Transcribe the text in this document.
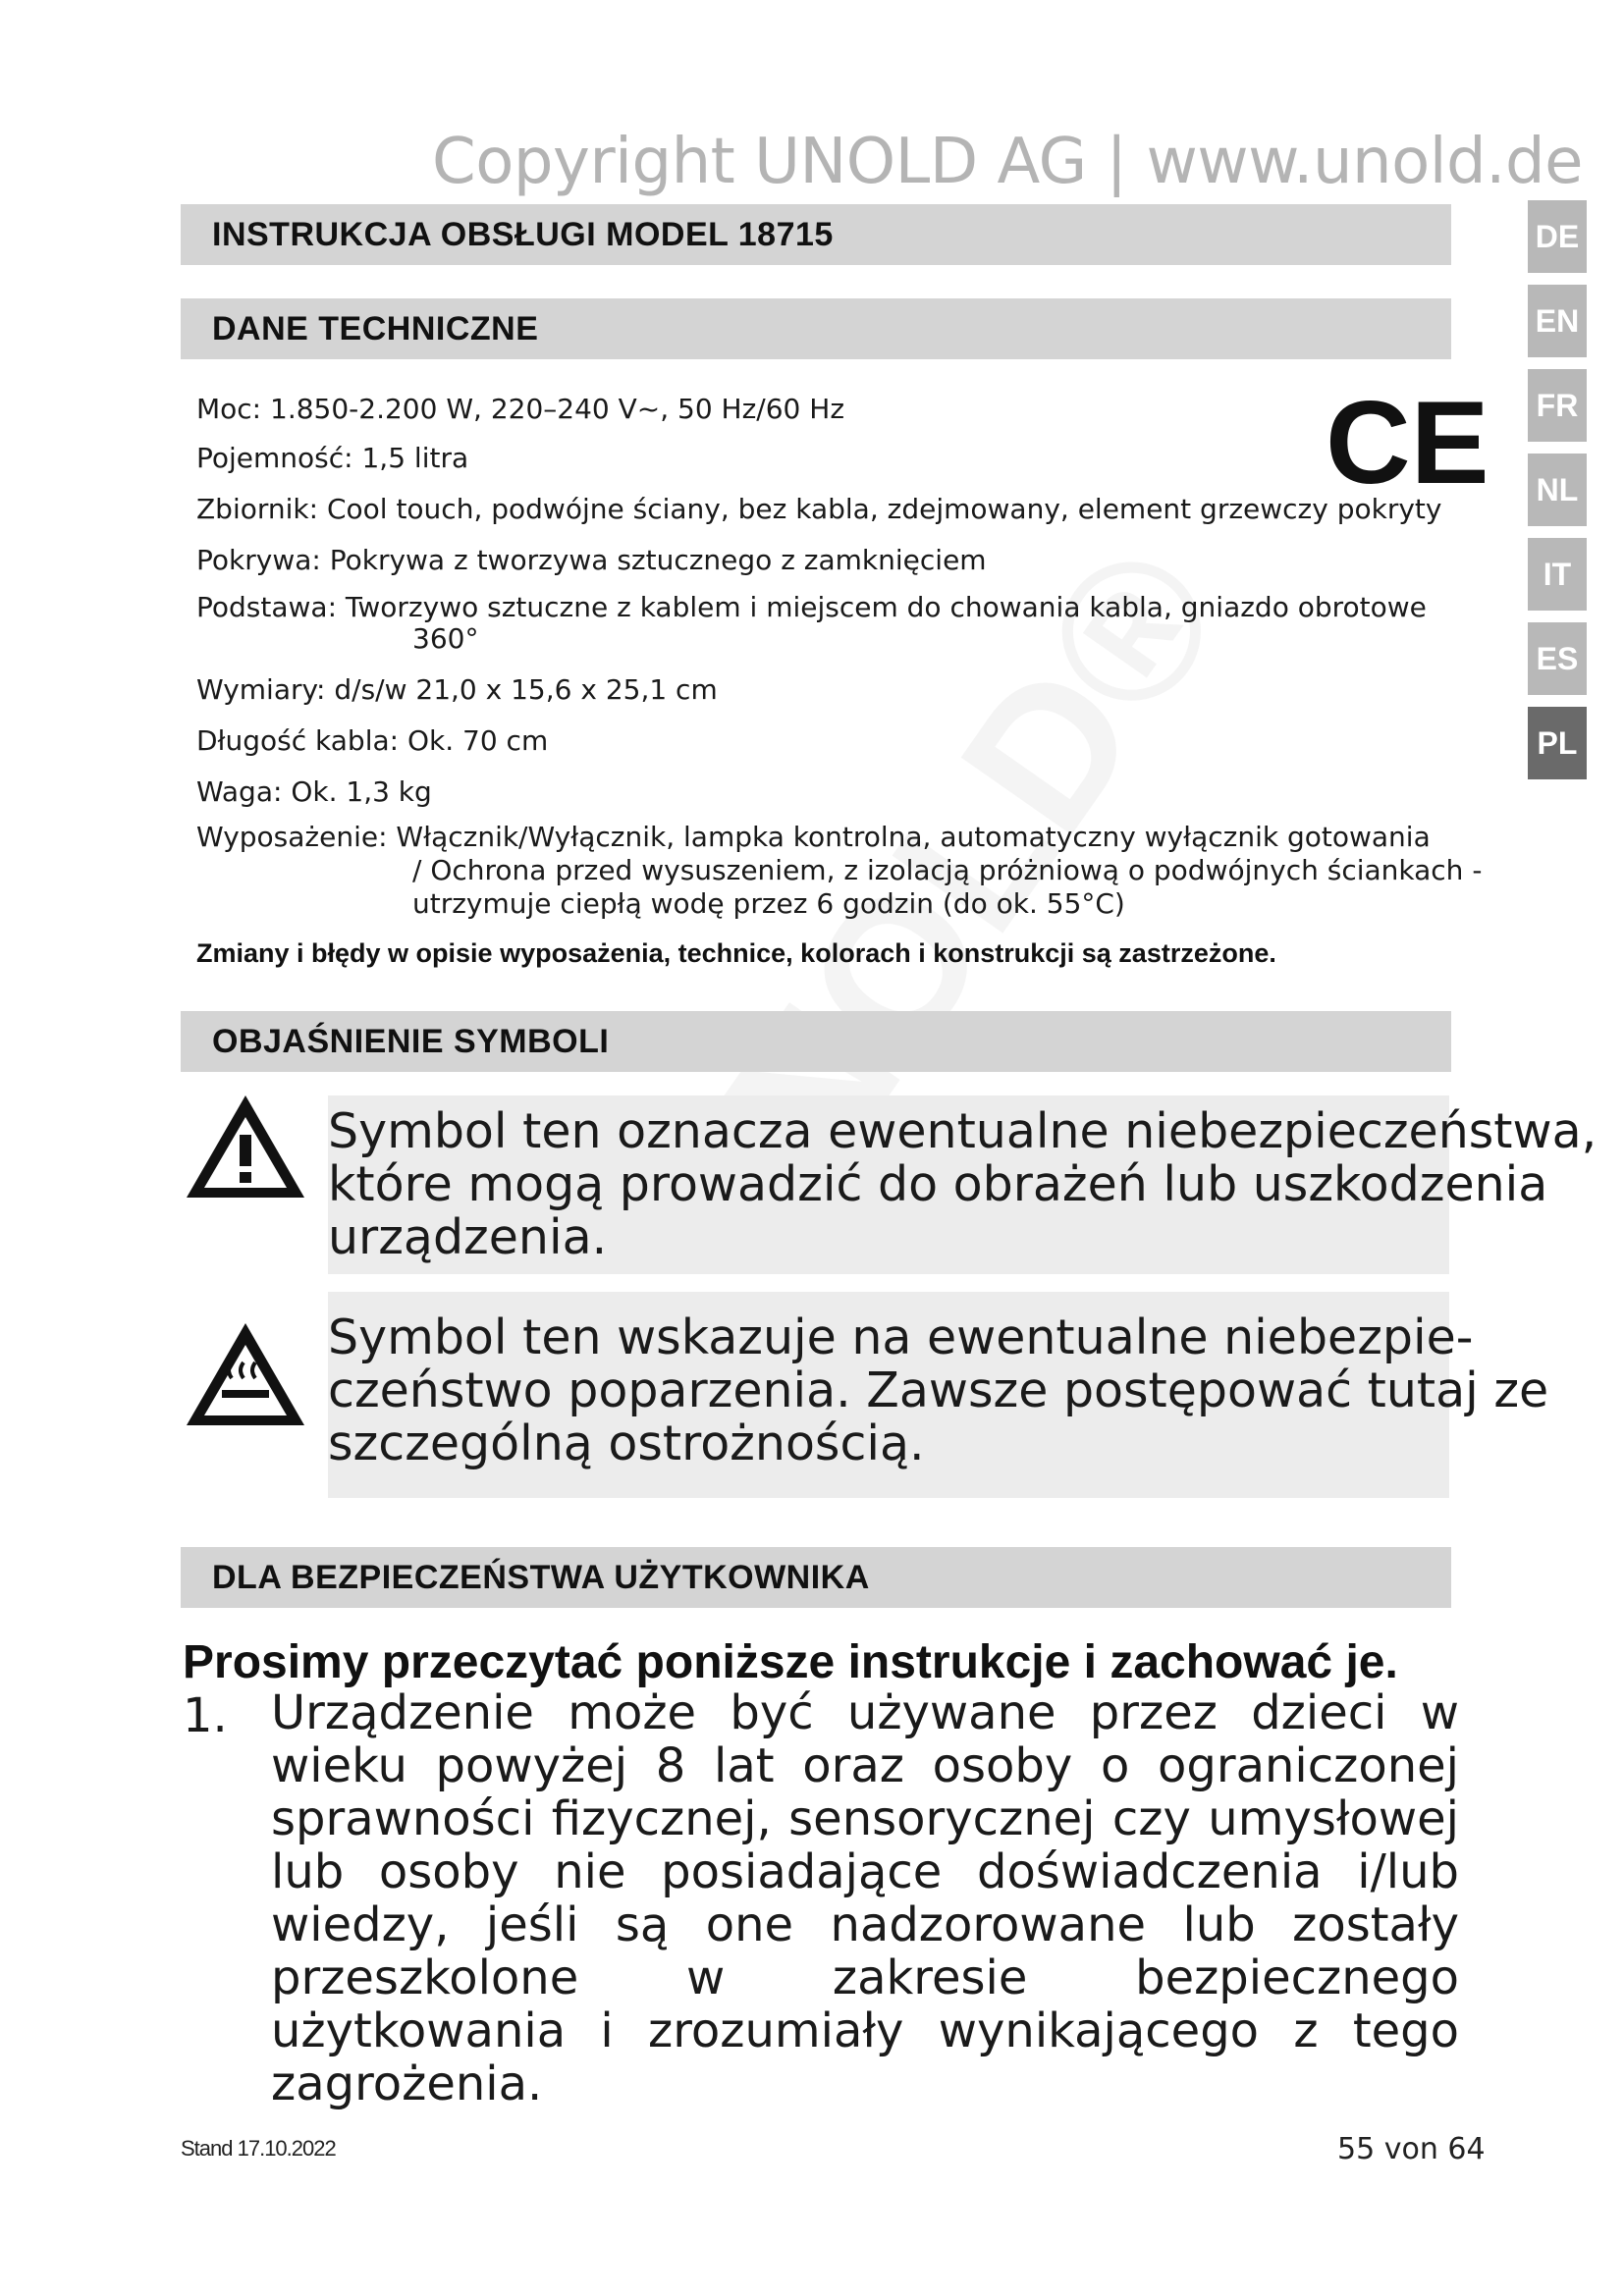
Copyright UNOLD AG | www.unold.de
INSTRUKCJA OBSŁUGI MODEL 18715	DE
EN
FR
NL
IT
ES
PL
DANE TECHNICZNE
CE
Moc: 1.850-2.200 W, 220–240 V~, 50 Hz/60 Hz
Pojemność: 1,5 litra
Zbiornik: Cool touch, podwójne ściany, bez kabla, zdejmowany, element grzewczy pokryty
Pokrywa: Pokrywa z tworzywa sztucznego z zamknięciem
Podstawa: Tworzywo sztuczne z kablem i miejscem do chowania kabla, gniazdo obrotowe
360°
Wymiary: d/s/w 21,0 x 15,6 x 25,1 cm
Długość kabla: Ok. 70 cm
Waga: Ok. 1,3 kg
Wyposażenie: Włącznik/Wyłącznik, lampka kontrolna, automatyczny wyłącznik gotowania
/ Ochrona przed wysuszeniem, z izolacją próżniową o podwójnych ściankach -
utrzymuje ciepłą wodę przez 6 godzin (do ok. 55°C)
Zmiany i błędy w opisie wyposażenia, technice, kolorach i konstrukcji są zastrzeżone.
OBJAŚNIENIE SYMBOLI
Symbol ten oznacza ewentualne niebezpieczeństwa,
które mogą prowadzić do obrażeń lub uszkodzenia
urządzenia.
Symbol ten wskazuje na ewentualne niebezpie-
czeństwo poparzenia. Zawsze postępować tutaj ze
szczególną ostrożnością.
DLA BEZPIECZEŃSTWA UŻYTKOWNIKA
Prosimy przeczytać poniższe instrukcje i zachować je.
1. Urządzenie może być używane przez dzieci w wieku powyżej 8 lat oraz osoby o ograniczonej sprawności fizycznej, sensorycznej czy umysłowej lub osoby nie posiadające doświadczenia i/lub wiedzy, jeśli są one nadzorowane lub zostały przeszkolone w zakresie bezpiecznego użytkowania i zrozumiały wynikającego z tego zagrożenia.
Stand 17.10.2022	55 von 64
